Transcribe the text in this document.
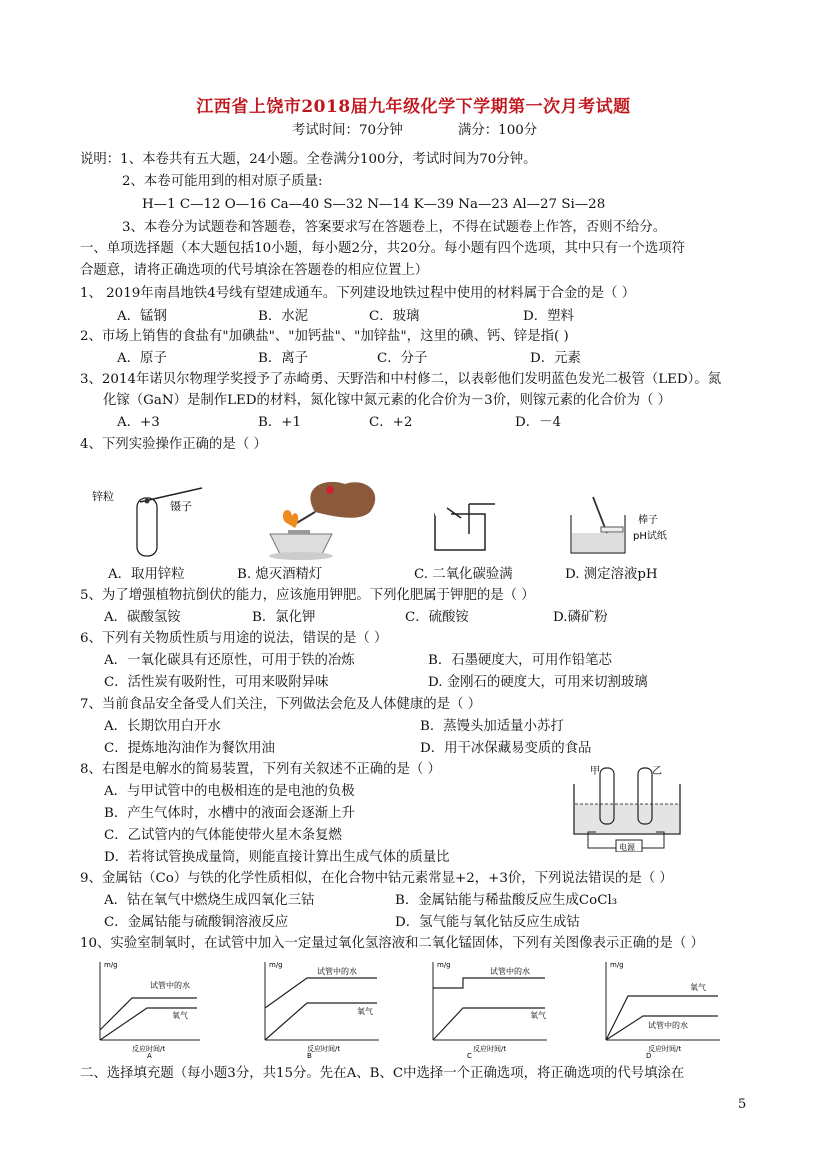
江西省上饶市2018届九年级化学下学期第一次月考试题
考试时间：70分钟	满分：100分
说明：1、本卷共有五大题，24小题。全卷满分100分，考试时间为70分钟。
2、本卷可能用到的相对原子质量:
H—1 C—12 O—16 Ca—40 S—32 N—14 K—39 Na—23 Al—27 Si—28
3、本卷分为试题卷和答题卷，答案要求写在答题卷上，不得在试题卷上作答，否则不给分。
一、单项选择题（本大题包括10小题，每小题2分，共20分。每小题有四个选项，其中只有一个选项符
合题意，请将正确选项的代号填涂在答题卷的相应位置上）
1、 2019年南昌地铁4号线有望建成通车。下列建设地铁过程中使用的材料属于合金的是（ ）
A．锰钢	B．水泥	C．玻璃	D．塑料
2、市场上销售的食盐有"加碘盐"、"加钙盐"、"加锌盐"，这里的碘、钙、锌是指( )
A．原子	B．离子	C．分子	D．元素
3、2014年诺贝尔物理学奖授予了赤崎勇、天野浩和中村修二，以表彰他们发明蓝色发光二极管（LED）。氮
化镓（GaN）是制作LED的材料，氮化镓中氮元素的化合价为－3价，则镓元素的化合价为（ ）
A．+3	B．+1	C．+2	D．－4
4、下列实验操作正确的是（ ）
锌粒
镊子
棒子
pH试纸
A．取用锌粒	B. 熄灭酒精灯	C. 二氧化碳验满	D. 测定溶液pH
5、为了增强植物抗倒伏的能力，应该施用钾肥。下列化肥属于钾肥的是（ ）
A．碳酸氢铵	B．氯化钾	C．硫酸铵	D.磷矿粉
6、下列有关物质性质与用途的说法，错误的是（ ）
A．一氧化碳具有还原性，可用于铁的冶炼	B．石墨硬度大，可用作铅笔芯
C．活性炭有吸附性，可用来吸附异味	D. 金刚石的硬度大，可用来切割玻璃
7、当前食品安全备受人们关注，下列做法会危及人体健康的是（ ）
A．长期饮用白开水	B．蒸馒头加适量小苏打
C．提炼地沟油作为餐饮用油	D．用干冰保藏易变质的食品
8、右图是电解水的简易装置，下列有关叙述不正确的是（ ）
A．与甲试管中的电极相连的是电池的负极
B．产生气体时，水槽中的液面会逐渐上升
C．乙试管内的气体能使带火星木条复燃
D．若将试管换成量筒，则能直接计算出生成气体的质量比
甲	乙
电源
9、金属钴（Co）与铁的化学性质相似，在化合物中钴元素常显+2，+3价，下列说法错误的是（ ）
A．钴在氧气中燃烧生成四氧化三钴	B．金属钴能与稀盐酸反应生成CoCl₃
C．金属钴能与硫酸铜溶液反应	D．氢气能与氧化钴反应生成钴
10、实验室制氧时，在试管中加入一定量过氧化氢溶液和二氧化锰固体，下列有关图像表示正确的是（ ）
m/g
试管中的水
氧气
反应时间/t
A
m/g
试管中的水
氧气
反应时间/t
B
m/g
试管中的水
氧气
反应时间/t
C
m/g
氧气
试管中的水
反应时间/t
D
二、选择填充题（每小题3分，共15分。先在A、B、C中选择一个正确选项，将正确选项的代号填涂在
5
